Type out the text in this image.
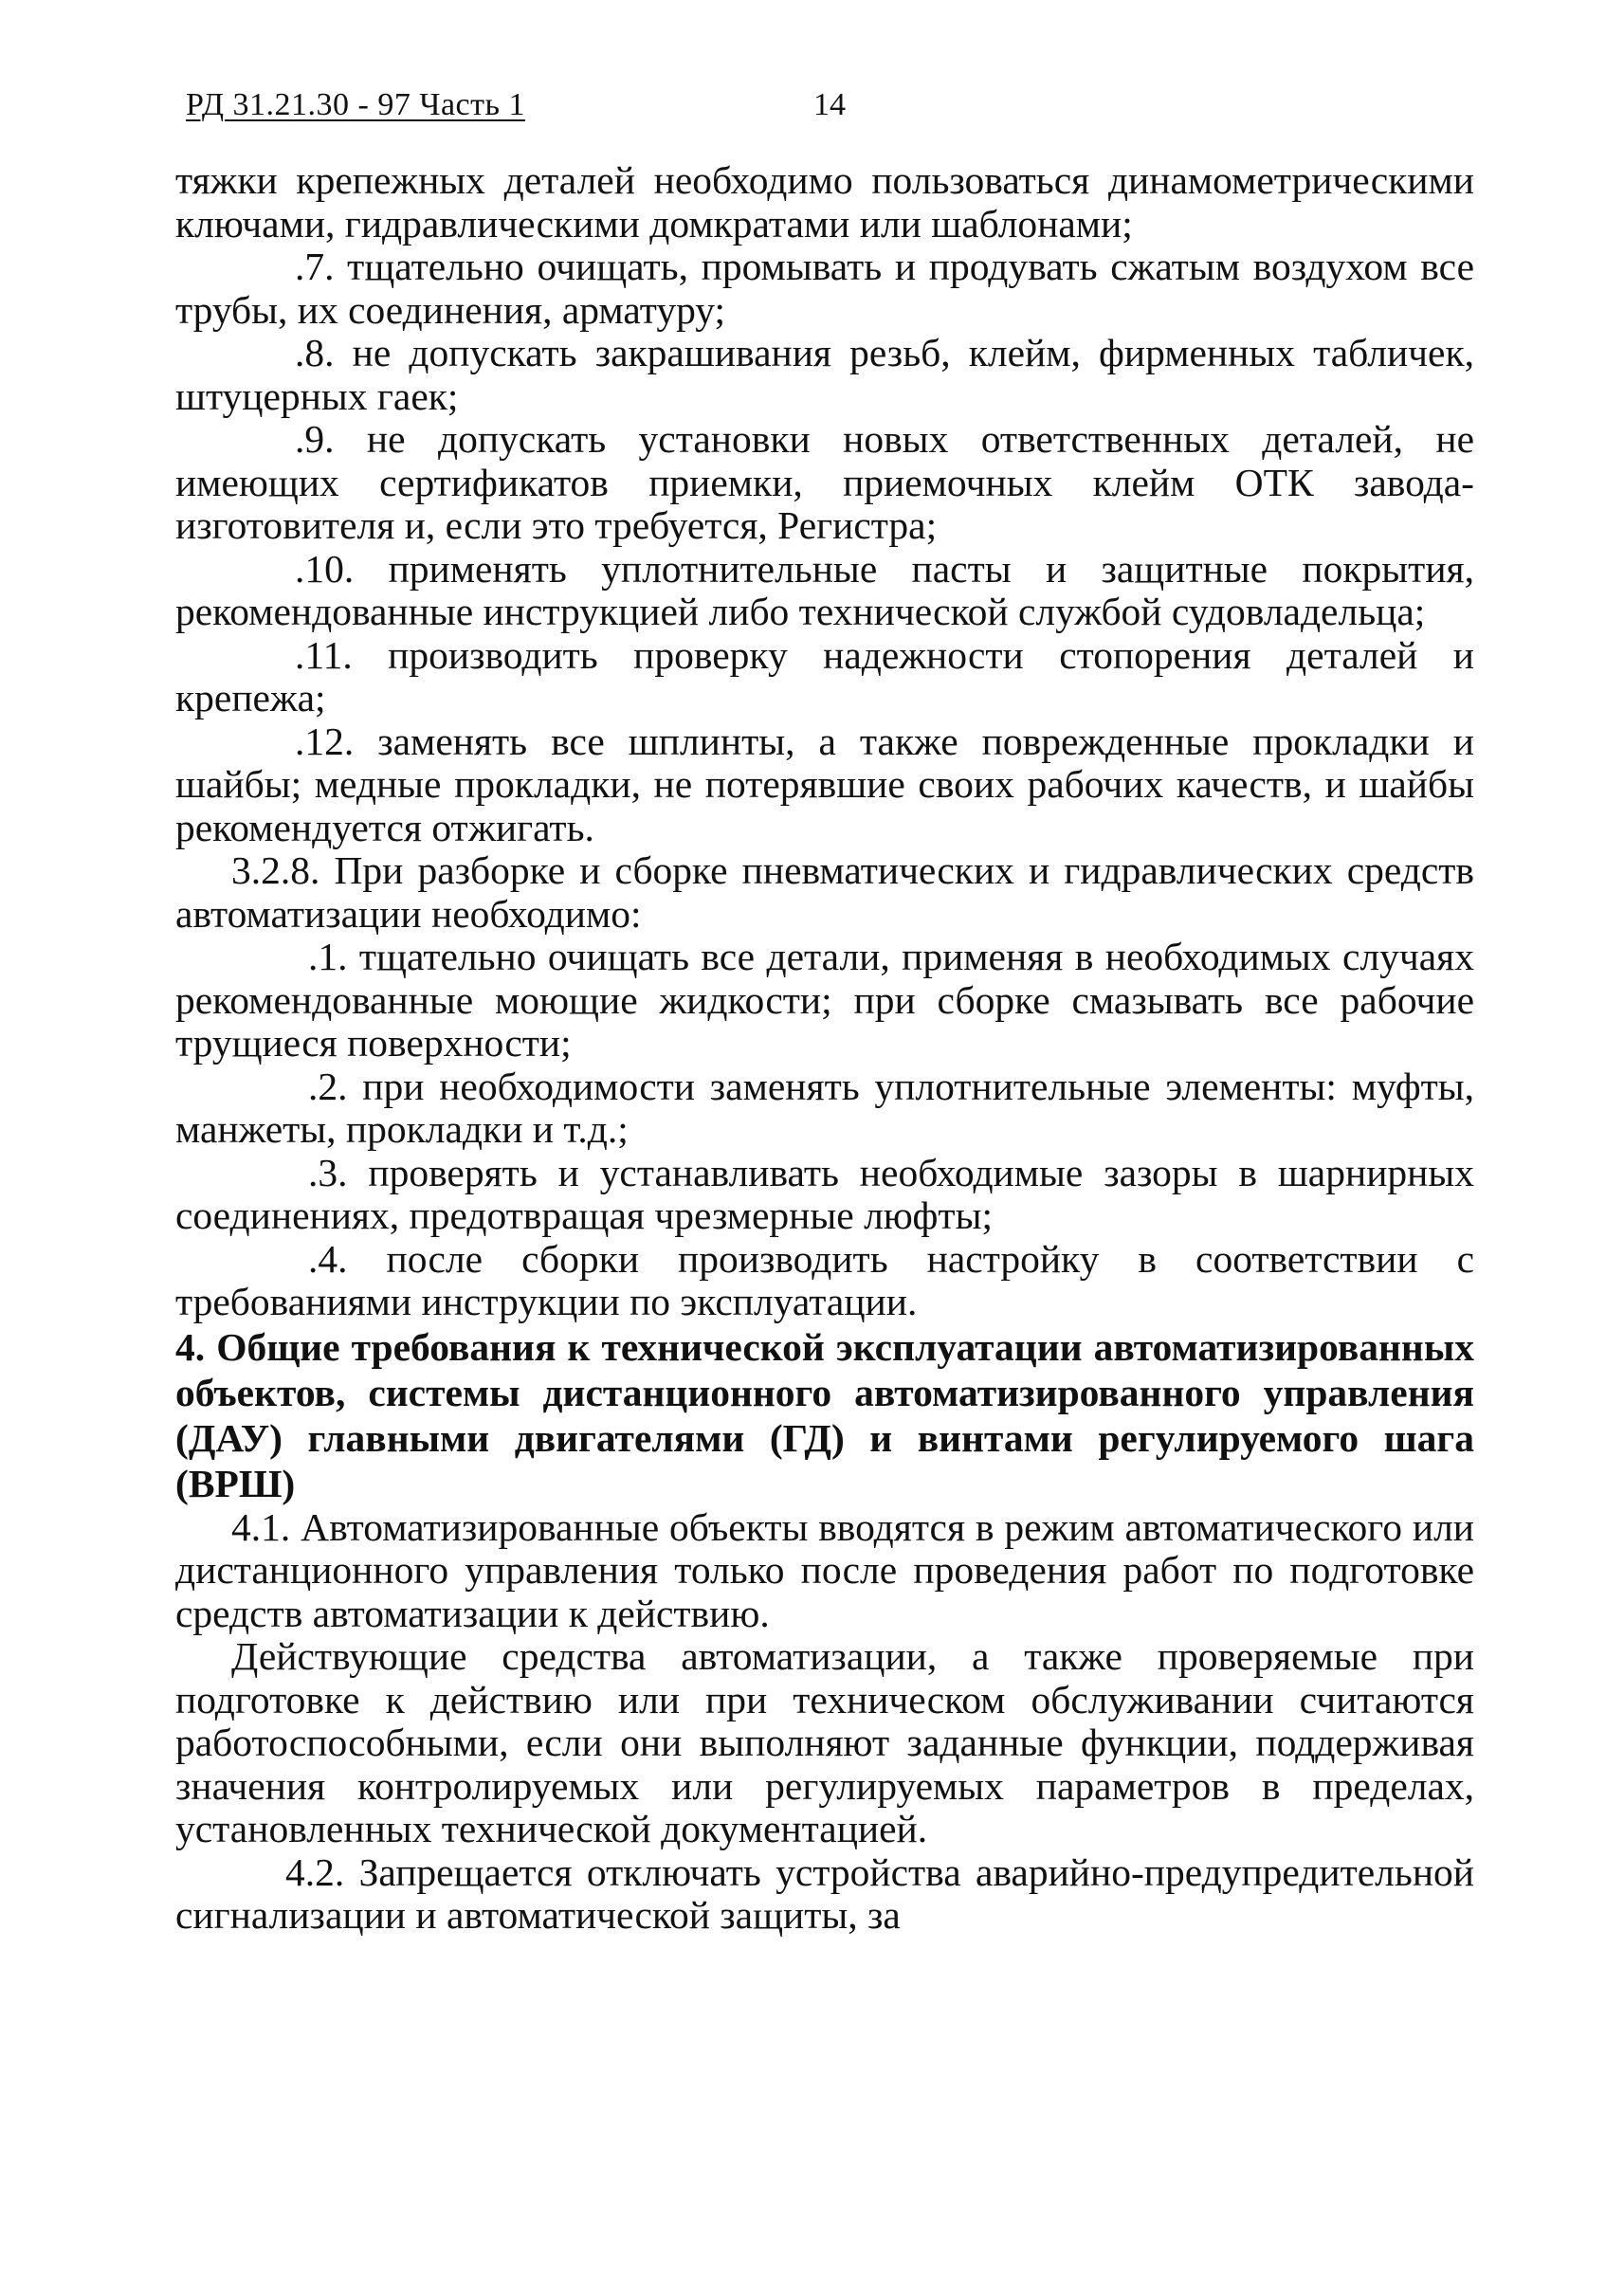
РД 31.21.30 - 97 Часть 1	14

тяжки крепежных деталей необходимо пользоваться динамометрическими ключами, гидравлическими домкратами или шаблонами;

.7. тщательно очищать, промывать и продувать сжатым воздухом все трубы, их соединения, арматуру;

.8. не допускать закрашивания резьб, клейм, фирменных табличек, штуцерных гаек;

.9. не допускать установки новых ответственных деталей, не имеющих сертификатов приемки, приемочных клейм ОТК завода-изготовителя и, если это требуется, Регистра;

.10. применять уплотнительные пасты и защитные покрытия, рекомендованные инструкцией либо технической службой судовладельца;

.11. производить проверку надежности стопорения деталей и крепежа;

.12. заменять все шплинты, а также поврежденные прокладки и шайбы; медные прокладки, не потерявшие своих рабочих качеств, и шайбы рекомендуется отжигать.

3.2.8. При разборке и сборке пневматических и гидравлических средств автоматизации необходимо:

.1. тщательно очищать все детали, применяя в необходимых случаях рекомендованные моющие жидкости; при сборке смазывать все рабочие трущиеся поверхности;

.2. при необходимости заменять уплотнительные элементы: муфты, манжеты, прокладки и т.д.;

.3. проверять и устанавливать необходимые зазоры в шарнирных соединениях, предотвращая чрезмерные люфты;

.4. после сборки производить настройку в соответствии с требованиями инструкции по эксплуатации.

4. Общие требования к технической эксплуатации автоматизированных объектов, системы дистанционного автоматизированного управления (ДАУ) главными двигателями (ГД) и винтами регулируемого шага (ВРШ)

4.1. Автоматизированные объекты вводятся в режим автоматического или дистанционного управления только после проведения работ по подготовке средств автоматизации к действию.

Действующие средства автоматизации, а также проверяемые при подготовке к действию или при техническом обслуживании считаются работоспособными, если они выполняют заданные функции, поддерживая значения контролируемых или регулируемых параметров в пределах, установленных технической документацией.

4.2. Запрещается отключать устройства аварийно-предупредительной сигнализации и автоматической защиты, за
